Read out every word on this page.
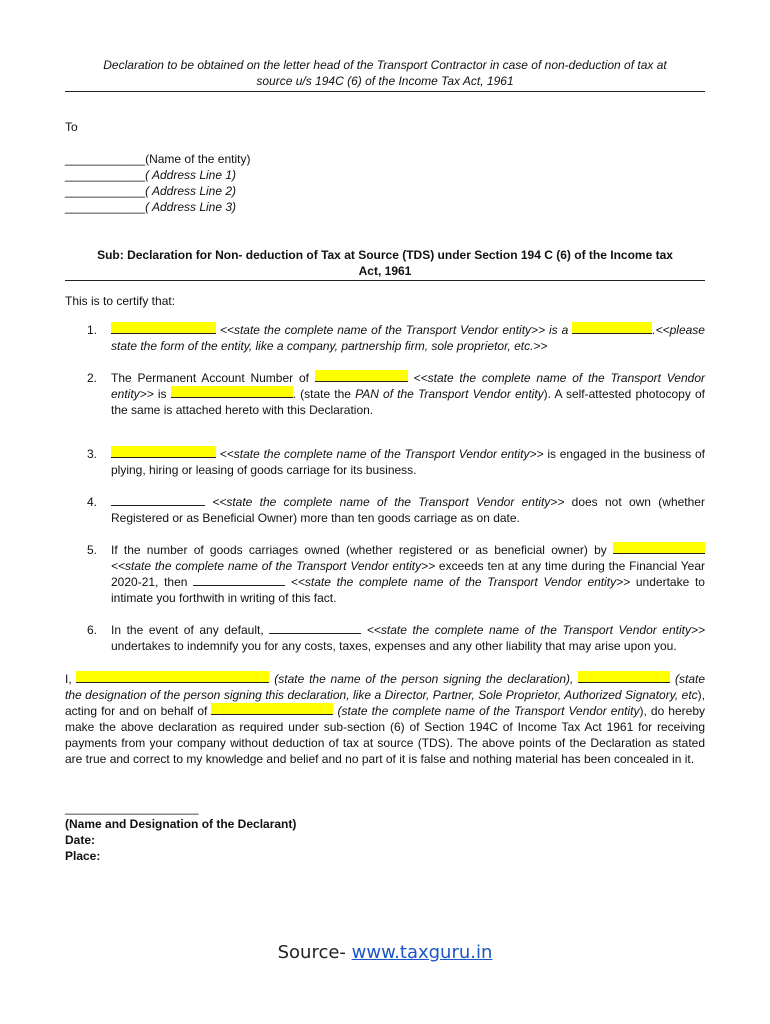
Declaration to be obtained on the letter head of the Transport Contractor in case of non-deduction of tax at
source u/s 194C (6) of the Income Tax Act, 1961
To
____________(Name of the entity)
____________( Address Line 1)
____________( Address Line 2)
____________( Address Line 3)
Sub: Declaration for Non- deduction of Tax at Source (TDS) under Section 194 C (6) of the Income tax
Act, 1961
This is to certify that:
1.	<<state the complete name of the Transport Vendor entity>> is a	.<<please state the form of the entity, like a company, partnership firm, sole proprietor, etc.>>
2. The Permanent Account Number of	<<state the complete name of the Transport Vendor entity>> is	. (state the PAN of the Transport Vendor entity). A self-attested photocopy of the same is attached hereto with this Declaration.
3.	<<state the complete name of the Transport Vendor entity>> is engaged in the business of plying, hiring or leasing of goods carriage for its business.
4.	<<state the complete name of the Transport Vendor entity>> does not own (whether Registered or as Beneficial Owner) more than ten goods carriage as on date.
5. If the number of goods carriages owned (whether registered or as beneficial owner) by  <<state the complete name of the Transport Vendor entity>> exceeds ten at any time during the Financial Year 2020-21, then	<<state the complete name of the Transport Vendor entity>> undertake to intimate you forthwith in writing of this fact.
6. In the event of any default,	<<state the complete name of the Transport Vendor entity>> undertakes to indemnify you for any costs, taxes, expenses and any other liability that may arise upon you.
I,	(state the name of the person signing the declaration),	(state the designation of the person signing this declaration, like a Director, Partner, Sole Proprietor, Authorized Signatory, etc), acting for and on behalf of	(state the complete name of the Transport Vendor entity), do hereby make the above declaration as required under sub-section (6) of Section 194C of Income Tax Act 1961 for receiving payments from your company without deduction of tax at source (TDS). The above points of the Declaration as stated are true and correct to my knowledge and belief and no part of it is false and nothing material has been concealed in it.
____________________
(Name and Designation of the Declarant)
Date:
Place:
Source- www.taxguru.in
